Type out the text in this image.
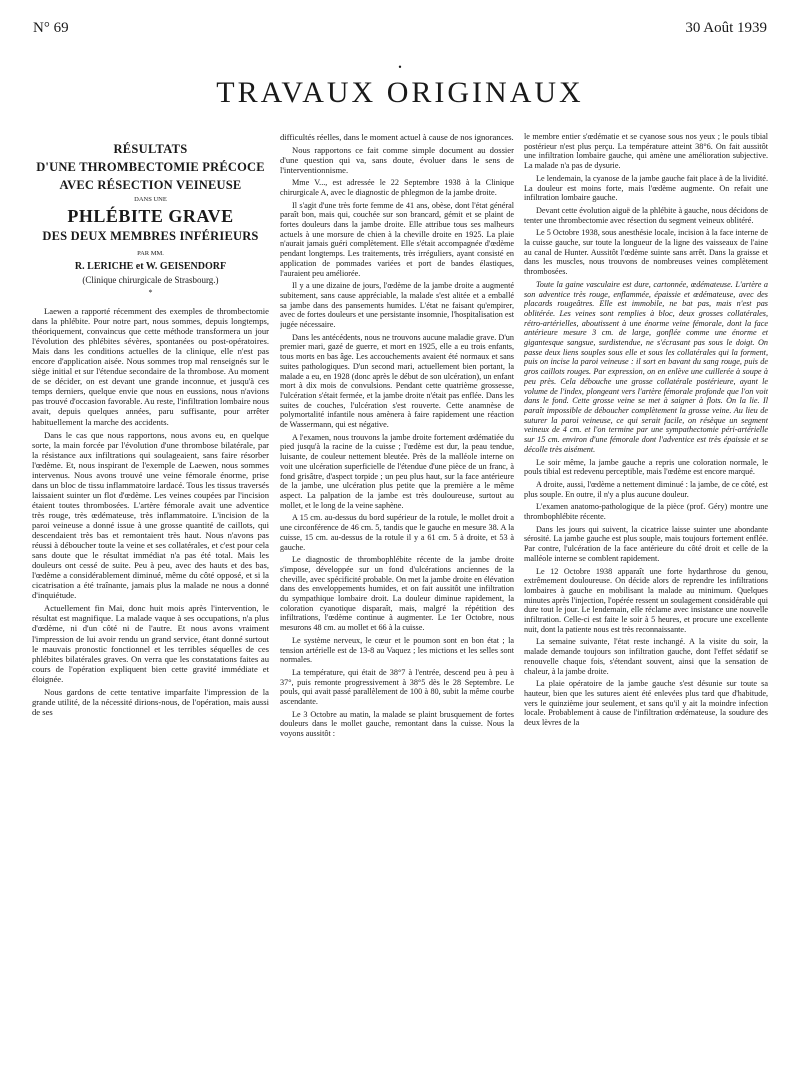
N° 69	30 Août 1939
•
TRAVAUX ORIGINAUX
RÉSULTATS
D'UNE THROMBECTOMIE PRÉCOCE
AVEC RÉSECTION VEINEUSE
DANS UNE
PHLÉBITE GRAVE
DES DEUX MEMBRES INFÉRIEURS
PAR MM.
R. LERICHE et W. GEISENDORF
(Clinique chirurgicale de Strasbourg.)
*

Laewen a rapporté récemment des exemples de thrombectomie dans la phlébite. Pour notre part, nous sommes, depuis longtemps, théoriquement, convaincus que cette méthode transformera un jour l'évolution des phlébites sévères, spontanées ou post-opératoires. Mais dans les conditions actuelles de la clinique, elle n'est pas encore d'application aisée. Nous sommes trop mal renseignés sur le siège initial et sur l'étendue secondaire de la thrombose. Au moment de se décider, on est devant une grande inconnue, et jusqu'à ces temps derniers, quelque envie que nous en eussions, nous n'avions pas trouvé d'occasion favorable. Au reste, l'infiltration lombaire nous avait, depuis quelques années, paru suffisante, pour arrêter habituellement la marche des accidents.

Dans le cas que nous rapportons, nous avons eu, en quelque sorte, la main forcée par l'évolution d'une thrombose bilatérale, par la résistance aux infiltrations qui soulageaient, sans faire résorber l'œdème. Et, nous inspirant de l'exemple de Laewen, nous sommes intervenus. Nous avons trouvé une veine fémorale énorme, prise dans un bloc de tissu inflammatoire lardacé. Tous les tissus traversés laissaient suinter un flot d'œdème. Les veines coupées par l'incision étaient toutes thrombosées. L'artère fémorale avait une adventice très rouge, très œdémateuse, très inflammatoire. L'incision de la paroi veineuse a donné issue à une grosse quantité de caillots, qui descendaient très bas et remontaient très haut. Nous n'avons pas réussi à déboucher toute la veine et ses collatérales, et c'est pour cela sans doute que le résultat immédiat n'a pas été total. Mais les douleurs ont cessé de suite. Peu à peu, avec des hauts et des bas, l'œdème a considérablement diminué, même du côté opposé, et si la cicatrisation a été traînante, jamais plus la malade ne nous a donné d'inquiétude.

Actuellement fin Mai, donc huit mois après l'intervention, le résultat est magnifique. La malade vaque à ses occupations, n'a plus d'œdème, ni d'un côté ni de l'autre. Et nous avons vraiment l'impression de lui avoir rendu un grand service, étant donné surtout le mauvais pronostic fonctionnel et les terribles séquelles de ces phlébites bilatérales graves. On verra que les constatations faites au cours de l'opération expliquent bien cette gravité immédiate et éloignée.

Nous gardons de cette tentative imparfaite l'impression de la grande utilité, de la nécessité dirions-nous, de l'opération, mais aussi de ses

difficultés réelles, dans le moment actuel à cause de nos ignorances.

Nous rapportons ce fait comme simple document au dossier d'une question qui va, sans doute, évoluer dans le sens de l'interventionnisme.

Mme V..., est adressée le 22 Septembre 1938 à la Clinique chirurgicale A, avec le diagnostic de phlegmon de la jambe droite.

Il s'agit d'une très forte femme de 41 ans, obèse, dont l'état général paraît bon, mais qui, couchée sur son brancard, gémit et se plaint de fortes douleurs dans la jambe droite. Elle attribue tous ses malheurs actuels à une morsure de chien à la cheville droite en 1925. La plaie n'aurait jamais guéri complètement. Elle s'était accompagnée d'œdème pendant longtemps. Les traitements, très irréguliers, ayant consisté en application de pommades variées et port de bandes élastiques, l'auraient peu améliorée.

Il y a une dizaine de jours, l'œdème de la jambe droite a augmenté subitement, sans cause appréciable, la malade s'est alitée et a emballé sa jambe dans des pansements humides. L'état ne faisant qu'empirer, avec de fortes douleurs et une persistante insomnie, l'hospitalisation est jugée nécessaire.

Dans les antécédents, nous ne trouvons aucune maladie grave. D'un premier mari, gazé de guerre, et mort en 1925, elle a eu trois enfants, tous morts en bas âge. Les accouchements avaient été normaux et sans suites pathologiques. D'un second mari, actuellement bien portant, la malade a eu, en 1928 (donc après le début de son ulcération), un enfant mort à dix mois de convulsions. Pendant cette quatrième grossesse, l'ulcération s'était fermée, et la jambe droite n'était pas enflée. Dans les suites de couches, l'ulcération s'est rouverte. Cette anamnèse de polymortalité infantile nous amènera à faire rapidement une réaction de Wassermann, qui est négative.

A l'examen, nous trouvons la jambe droite fortement œdématiée du pied jusqu'à la racine de la cuisse ; l'œdème est dur, la peau tendue, luisante, de couleur nettement bleutée. Près de la malléole interne on voit une ulcération superficielle de l'étendue d'une pièce de un franc, à fond grisâtre, d'aspect torpide ; un peu plus haut, sur la face antérieure de la jambe, une ulcération plus petite que la première a le même aspect. La palpation de la jambe est très douloureuse, surtout au mollet, et le long de la veine saphène.

A 15 cm. au-dessus du bord supérieur de la rotule, le mollet droit a une circonférence de 46 cm. 5, tandis que le gauche en mesure 38. A la cuisse, 15 cm. au-dessus de la rotule il y a 61 cm. 5 à droite, et 53 à gauche.

Le diagnostic de thrombophlébite récente de la jambe droite s'impose, développée sur un fond d'ulcérations anciennes de la cheville, avec spécificité probable. On met la jambe droite en élévation dans des enveloppements humides, et on fait aussitôt une infiltration du sympathique lombaire droit. La douleur diminue rapidement, la coloration cyanotique disparaît, mais, malgré la répétition des infiltrations, l'œdème continue à augmenter. Le 1er Octobre, nous mesurons 48 cm. au mollet et 66 à la cuisse.

Le système nerveux, le cœur et le poumon sont en bon état ; la tension artérielle est de 13-8 au Vaquez ; les mictions et les selles sont normales.

La température, qui était de 38°7 à l'entrée, descend peu à peu à 37°, puis remonte progressivement à 38°5 dès le 28 Septembre. Le pouls, qui avait passé parallèlement de 100 à 80, subit la même courbe ascendante.

Le 3 Octobre au matin, la malade se plaint brusquement de fortes douleurs dans le mollet gauche, remontant dans la cuisse. Nous la voyons aussitôt :

le membre entier s'œdématie et se cyanose sous nos yeux ; le pouls tibial postérieur n'est plus perçu. La température atteint 38°6. On fait aussitôt une infiltration lombaire gauche, qui amène une amélioration subjective. La malade n'a pas de dysurie.

Le lendemain, la cyanose de la jambe gauche fait place à de la lividité. La douleur est moins forte, mais l'œdème augmente. On refait une infiltration lombaire gauche.

Devant cette évolution aiguë de la phlébite à gauche, nous décidons de tenter une thrombectomie avec résection du segment veineux oblitéré.

Le 5 Octobre 1938, sous anesthésie locale, incision à la face interne de la cuisse gauche, sur toute la longueur de la ligne des vaisseaux de l'aine au canal de Hunter. Aussitôt l'œdème suinte sans arrêt. Dans la graisse et dans les muscles, nous trouvons de nombreuses veines complètement thrombosées.

Toute la gaine vasculaire est dure, cartonnée, œdémateuse. L'artère a son adventice très rouge, enflammée, épaissie et œdémateuse, avec des placards rougeâtres. Elle est immobile, ne bat pas, mais n'est pas oblitérée. Les veines sont remplies à bloc, deux grosses collatérales, rétro-artérielles, aboutissent à une énorme veine fémorale, dont la face antérieure mesure 3 cm. de large, gonflée comme une énorme et gigantesque sangsue, surdistendue, ne s'écrasant pas sous le doigt. On passe deux liens souples sous elle et sous les collatérales qui la forment, puis on incise la paroi veineuse : il sort en bavant du sang rouge, puis de gros caillots rouges. Par expression, on en enlève une cuillerée à soupe à peu près. Cela débouche une grosse collatérale postérieure, ayant le volume de l'index, plongeant vers l'artère fémorale profonde que l'on voit dans le fond. Cette grosse veine se met à saigner à flots. On la lie. Il paraît impossible de déboucher complètement la grosse veine. Au lieu de suturer la paroi veineuse, ce qui serait facile, on résèque un segment veineux de 4 cm. et l'on termine par une sympathectomie péri-artérielle sur 15 cm. environ d'une fémorale dont l'adventice est très épaissie et se décolle très aisément.

Le soir même, la jambe gauche a repris une coloration normale, le pouls tibial est redevenu perceptible, mais l'œdème est encore marqué.

A droite, aussi, l'œdème a nettement diminué : la jambe, de ce côté, est plus souple. En outre, il n'y a plus aucune douleur.

L'examen anatomo-pathologique de la pièce (prof. Géry) montre une thrombophlébite récente.

Dans les jours qui suivent, la cicatrice laisse suinter une abondante sérosité. La jambe gauche est plus souple, mais toujours fortement enflée. Par contre, l'ulcération de la face antérieure du côté droit et celle de la malléole interne se comblent rapidement.

Le 12 Octobre 1938 apparaît une forte hydarthrose du genou, extrêmement douloureuse. On décide alors de reprendre les infiltrations lombaires à gauche en mobilisant la malade au minimum. Quelques minutes après l'injection, l'opérée ressent un soulagement considérable qui dure tout le jour. Le lendemain, elle réclame avec insistance une nouvelle infiltration. Celle-ci est faite le soir à 5 heures, et procure une excellente nuit, dont la patiente nous est très reconnaissante.

La semaine suivante, l'état reste inchangé. A la visite du soir, la malade demande toujours son infiltration gauche, dont l'effet sédatif se renouvelle chaque fois, s'étendant souvent, ainsi que la sensation de chaleur, à la jambe droite.

La plaie opératoire de la jambe gauche s'est désunie sur toute sa hauteur, bien que les sutures aient été enlevées plus tard que d'habitude, vers le quinzième jour seulement, et sans qu'il y ait la moindre infection locale. Probablement à cause de l'infiltration œdémateuse, la soudure des deux lèvres de la
